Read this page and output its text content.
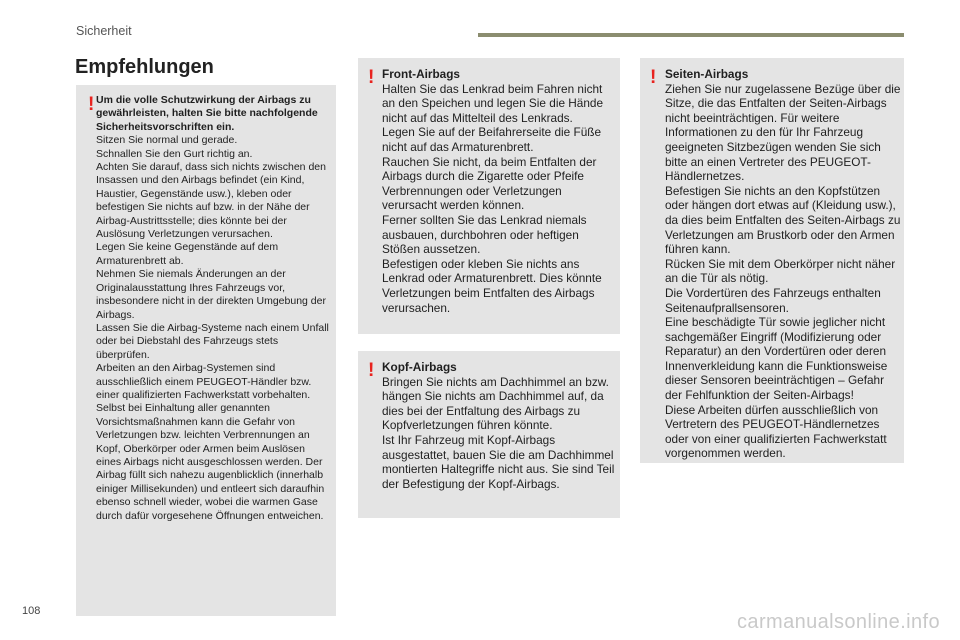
Sicherheit
Empfehlungen
! Um die volle Schutzwirkung der Airbags zu gewährleisten, halten Sie bitte nachfolgende Sicherheitsvorschriften ein.
Sitzen Sie normal und gerade.
Schnallen Sie den Gurt richtig an.
Achten Sie darauf, dass sich nichts zwischen den Insassen und den Airbags befindet (ein Kind, Haustier, Gegenstände usw.), kleben oder befestigen Sie nichts auf bzw. in der Nähe der Airbag-Austrittsstelle; dies könnte bei der Auslösung Verletzungen verursachen.
Legen Sie keine Gegenstände auf dem Armaturenbrett ab.
Nehmen Sie niemals Änderungen an der Originalausstattung Ihres Fahrzeugs vor, insbesondere nicht in der direkten Umgebung der Airbags.
Lassen Sie die Airbag-Systeme nach einem Unfall oder bei Diebstahl des Fahrzeugs stets überprüfen.
Arbeiten an den Airbag-Systemen sind ausschließlich einem PEUGEOT-Händler bzw. einer qualifizierten Fachwerkstatt vorbehalten.
Selbst bei Einhaltung aller genannten Vorsichtsmaßnahmen kann die Gefahr von Verletzungen bzw. leichten Verbrennungen an Kopf, Oberkörper oder Armen beim Auslösen eines Airbags nicht ausgeschlossen werden. Der Airbag füllt sich nahezu augenblicklich (innerhalb einiger Millisekunden) und entleert sich daraufhin ebenso schnell wieder, wobei die warmen Gase durch dafür vorgesehene Öffnungen entweichen.
! Front-Airbags
Halten Sie das Lenkrad beim Fahren nicht an den Speichen und legen Sie die Hände nicht auf das Mittelteil des Lenkrads.
Legen Sie auf der Beifahrerseite die Füße nicht auf das Armaturenbrett.
Rauchen Sie nicht, da beim Entfalten der Airbags durch die Zigarette oder Pfeife Verbrennungen oder Verletzungen verursacht werden können.
Ferner sollten Sie das Lenkrad niemals ausbauen, durchbohren oder heftigen Stößen aussetzen.
Befestigen oder kleben Sie nichts ans Lenkrad oder Armaturenbrett. Dies könnte Verletzungen beim Entfalten des Airbags verursachen.
! Kopf-Airbags
Bringen Sie nichts am Dachhimmel an bzw. hängen Sie nichts am Dachhimmel auf, da dies bei der Entfaltung des Airbags zu Kopfverletzungen führen könnte.
Ist Ihr Fahrzeug mit Kopf-Airbags ausgestattet, bauen Sie die am Dachhimmel montierten Haltegriffe nicht aus. Sie sind Teil der Befestigung der Kopf-Airbags.
! Seiten-Airbags
Ziehen Sie nur zugelassene Bezüge über die Sitze, die das Entfalten der Seiten-Airbags nicht beeinträchtigen. Für weitere Informationen zu den für Ihr Fahrzeug geeigneten Sitzbezügen wenden Sie sich bitte an einen Vertreter des PEUGEOT-Händlernetzes.
Befestigen Sie nichts an den Kopfstützen oder hängen dort etwas auf (Kleidung usw.), da dies beim Entfalten des Seiten-Airbags zu Verletzungen am Brustkorb oder den Armen führen kann.
Rücken Sie mit dem Oberkörper nicht näher an die Tür als nötig.
Die Vordertüren des Fahrzeugs enthalten Seitenaufprallsensoren.
Eine beschädigte Tür sowie jeglicher nicht sachgemäßer Eingriff (Modifizierung oder Reparatur) an den Vordertüren oder deren Innenverkleidung kann die Funktionsweise dieser Sensoren beeinträchtigen – Gefahr der Fehlfunktion der Seiten-Airbags!
Diese Arbeiten dürfen ausschließlich von Vertretern des PEUGEOT-Händlernetzes oder von einer qualifizierten Fachwerkstatt vorgenommen werden.
108	carmanualsonline.info
